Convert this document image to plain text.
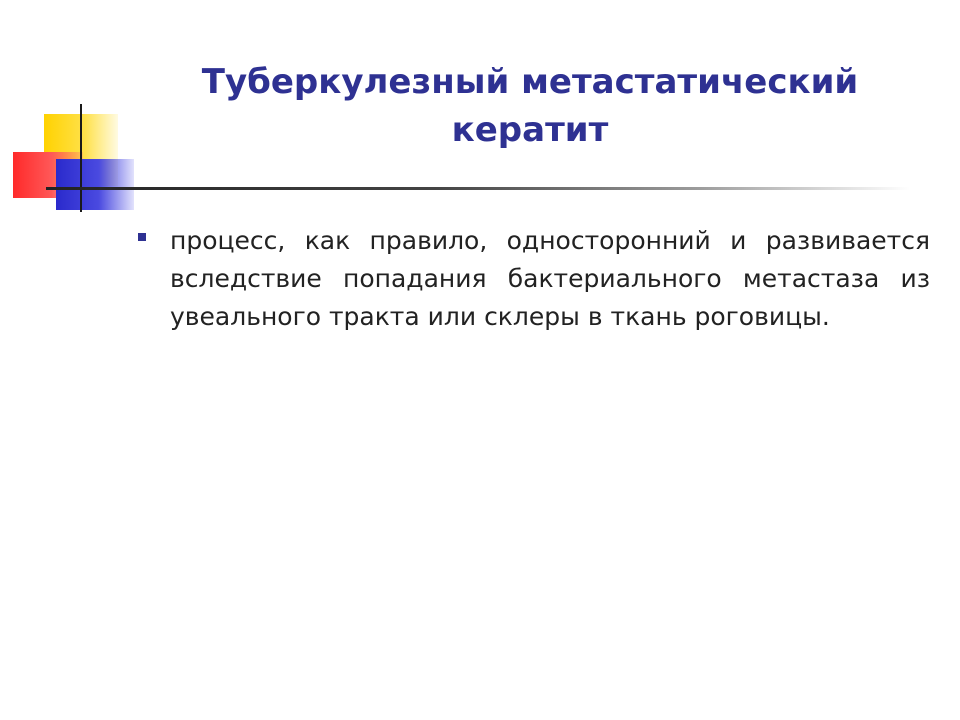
Туберкулезный метастатический кератит

процесс, как правило, односторонний и развивается вследствие попадания бактериального метастаза из увеального тракта или склеры в ткань роговицы.
